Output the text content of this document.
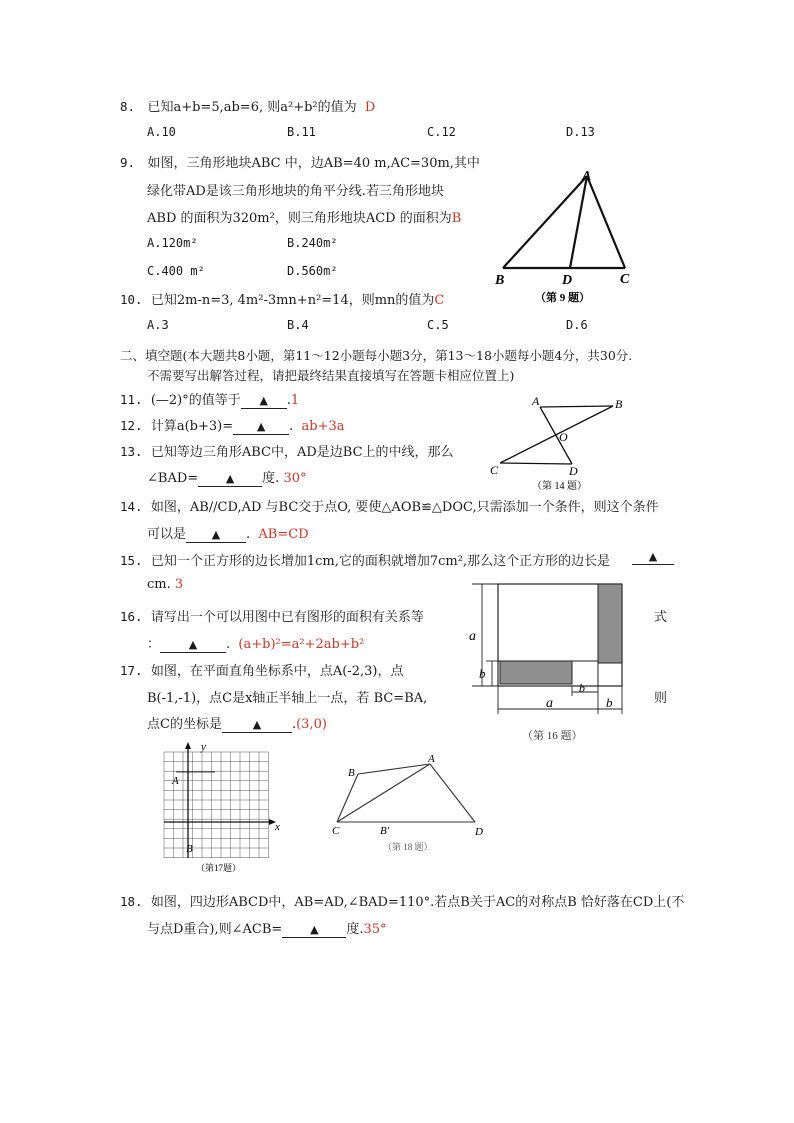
8. 已知a+b=5,ab=6, 则a²+b²的值为 D
A.10	B.11	C.12	D.13
9. 如图，三角形地块ABC 中，边AB=40 m,AC=30m,其中
绿化带AD是该三角形地块的角平分线.若三角形地块
ABD 的面积为320m²，则三角形地块ACD 的面积为B
A.120m²	B.240m²
C.400 m²	D.560m²
A
B	D	C
（第 9 题）
10. 已知2m-n=3, 4m²-3mn+n²=14，则mn的值为C
A.3	B.4	C.5	D.6
二、填空题(本大题共8小题，第11～12小题每小题3分，第13～18小题每小题4分，共30分.
不需要写出解答过程，请把最终结果直接填写在答题卡相应位置上)
11. (—2)°的值等于 ▲ .1
12. 计算a(b+3)= ▲ . ab+3a
A	B
O
C	D
（第 14 题）
13. 已知等边三角形ABC中，AD是边BC上的中线，那么
∠BAD=	▲ 度. 30°
14. 如图，AB//CD,AD 与BC交于点O, 要使△AOB≌△DOC,只需添加一个条件，则这个条件
可以是 ▲ . AB=CD
15. 已知一个正方形的边长增加1cm,它的面积就增加7cm²,那么这个正方形的边长是	▲
cm. 3
a
b
a	b
b
（第 16 题）
16. 请写出一个可以用图中已有图形的面积有关系等	式
：	▲ . (a+b)²=a²+2ab+b²
17. 如图，在平面直角坐标系中，点A(-2,3)，点
B(-1,-1)，点C是x轴正半轴上一点，若 BC=BA,	则
点C的坐标是	▲ .(3,0)
y
x
A
B
（第17题）
B
A
C	B'	D
（第 18 题）
18. 如图，四边形ABCD中，AB=AD,∠BAD=110°.若点B关于AC的对称点B 恰好落在CD上(不
与点D重合),则∠ACB=	▲ 度.35°
